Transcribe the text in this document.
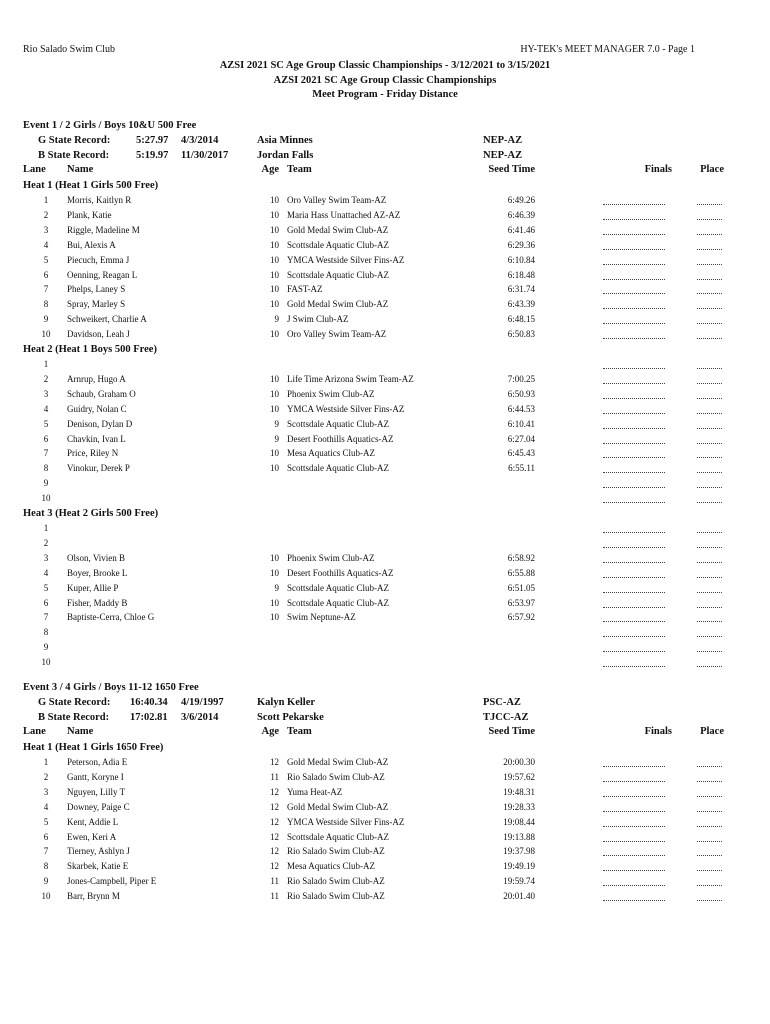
Rio Salado Swim Club	HY-TEK's MEET MANAGER 7.0 - Page 1
AZSI 2021 SC Age Group Classic Championships - 3/12/2021 to 3/15/2021
AZSI 2021 SC Age Group Classic Championships
Meet Program - Friday Distance
Event 1 / 2 Girls / Boys 10&U 500 Free
G State Record: 5:27.97 4/3/2014	Asia Minnes	NEP-AZ
B State Record:	5:19.97 11/30/2017	Jordan Falls	NEP-AZ
Lane Name	Age Team	Seed Time	Finals	Place
Heat 1 (Heat 1 Girls 500 Free)
1	Morris, Kaitlyn R	10 Oro Valley Swim Team-AZ	6:49.26
2	Plank, Katie	10 Maria Hass Unattached AZ-AZ	6:46.39
3	Riggle, Madeline M	10 Gold Medal Swim Club-AZ	6:41.46
4	Bui, Alexis A	10 Scottsdale Aquatic Club-AZ	6:29.36
5	Piecuch, Emma J	10 YMCA Westside Silver Fins-AZ	6:10.84
6	Oenning, Reagan L	10 Scottsdale Aquatic Club-AZ	6:18.48
7	Phelps, Laney S	10 FAST-AZ	6:31.74
8	Spray, Marley S	10 Gold Medal Swim Club-AZ	6:43.39
9	Schweikert, Charlie A	9 J Swim Club-AZ	6:48.15
10	Davidson, Leah J	10 Oro Valley Swim Team-AZ	6:50.83
Heat 2 (Heat 1 Boys 500 Free)
1
2	Arnrup, Hugo A	10 Life Time Arizona Swim Team-AZ	7:00.25
3	Schaub, Graham O	10 Phoenix Swim Club-AZ	6:50.93
4	Guidry, Nolan C	10 YMCA Westside Silver Fins-AZ	6:44.53
5	Denison, Dylan D	9 Scottsdale Aquatic Club-AZ	6:10.41
6	Chavkin, Ivan L	9 Desert Foothills Aquatics-AZ	6:27.04
7	Price, Riley N	10 Mesa Aquatics Club-AZ	6:45.43
8	Vinokur, Derek P	10 Scottsdale Aquatic Club-AZ	6:55.11
9
10
Heat 3 (Heat 2 Girls 500 Free)
1
2
3	Olson, Vivien B	10 Phoenix Swim Club-AZ	6:58.92
4	Boyer, Brooke L	10 Desert Foothills Aquatics-AZ	6:55.88
5	Kuper, Allie P	9 Scottsdale Aquatic Club-AZ	6:51.05
6	Fisher, Maddy B	10 Scottsdale Aquatic Club-AZ	6:53.97
7	Baptiste-Cerra, Chloe G	10 Swim Neptune-AZ	6:57.92
8
9
10
Event 3 / 4 Girls / Boys 11-12 1650 Free
G State Record: 16:40.34 4/19/1997	Kalyn Keller	PSC-AZ
B State Record: 17:02.81 3/6/2014	Scott Pekarske	TJCC-AZ
Lane Name	Age Team	Seed Time	Finals	Place
Heat 1 (Heat 1 Girls 1650 Free)
1	Peterson, Adia E	12 Gold Medal Swim Club-AZ	20:00.30
2	Gantt, Koryne I	11 Rio Salado Swim Club-AZ	19:57.62
3	Nguyen, Lilly T	12 Yuma Heat-AZ	19:48.31
4	Downey, Paige C	12 Gold Medal Swim Club-AZ	19:28.33
5	Kent, Addie L	12 YMCA Westside Silver Fins-AZ	19:08.44
6	Ewen, Keri A	12 Scottsdale Aquatic Club-AZ	19:13.88
7	Tierney, Ashlyn J	12 Rio Salado Swim Club-AZ	19:37.98
8	Skarbek, Katie E	12 Mesa Aquatics Club-AZ	19:49.19
9	Jones-Campbell, Piper E	11 Rio Salado Swim Club-AZ	19:59.74
10	Barr, Brynn M	11 Rio Salado Swim Club-AZ	20:01.40
